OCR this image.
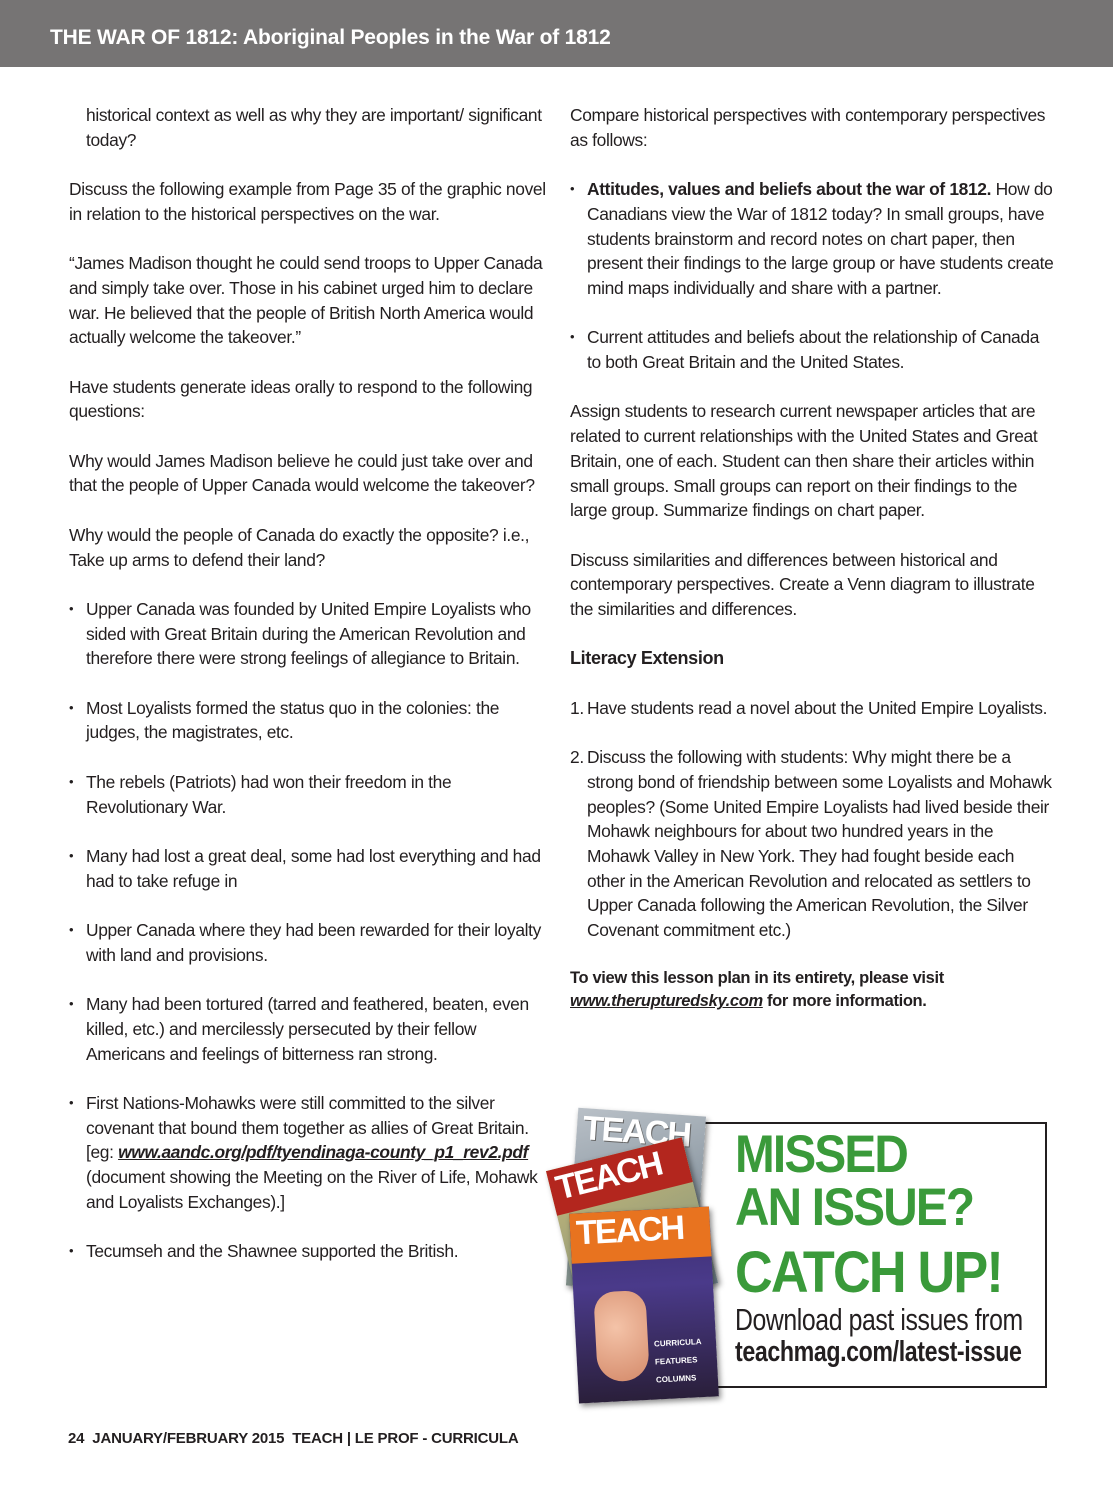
THE WAR OF 1812: Aboriginal Peoples in the War of 1812

historical context as well as why they are important/ significant today?

Discuss the following example from Page 35 of the graphic novel in relation to the historical perspectives on the war.

“James Madison thought he could send troops to Upper Canada and simply take over. Those in his cabinet urged him to declare war. He believed that the people of British North America would actually welcome the takeover.”

Have students generate ideas orally to respond to the following questions:

Why would James Madison believe he could just take over and that the people of Upper Canada would welcome the takeover?

Why would the people of Canada do exactly the opposite? i.e., Take up arms to defend their land?

• Upper Canada was founded by United Empire Loyalists who sided with Great Britain during the American Revolution and therefore there were strong feelings of allegiance to Britain.
• Most Loyalists formed the status quo in the colonies: the judges, the magistrates, etc.
• The rebels (Patriots) had won their freedom in the Revolutionary War.
• Many had lost a great deal, some had lost everything and had had to take refuge in
• Upper Canada where they had been rewarded for their loyalty with land and provisions.
• Many had been tortured (tarred and feathered, beaten, even killed, etc.) and mercilessly persecuted by their fellow Americans and feelings of bitterness ran strong.
• First Nations-Mohawks were still committed to the silver covenant that bound them together as allies of Great Britain. [eg: www.aandc.org/pdf/tyendinaga-county_p1_rev2.pdf (document showing the Meeting on the River of Life, Mohawk and Loyalists Exchanges).]
• Tecumseh and the Shawnee supported the British.

Compare historical perspectives with contemporary perspectives as follows:

• Attitudes, values and beliefs about the war of 1812. How do Canadians view the War of 1812 today? In small groups, have students brainstorm and record notes on chart paper, then present their findings to the large group or have students create mind maps individually and share with a partner.
• Current attitudes and beliefs about the relationship of Canada to both Great Britain and the United States.

Assign students to research current newspaper articles that are related to current relationships with the United States and Great Britain, one of each. Student can then share their articles within small groups. Small groups can report on their findings to the large group. Summarize findings on chart paper.

Discuss similarities and differences between historical and contemporary perspectives. Create a Venn diagram to illustrate the similarities and differences.

Literacy Extension
1. Have students read a novel about the United Empire Loyalists.
2. Discuss the following with students: Why might there be a strong bond of friendship between some Loyalists and Mohawk peoples? (Some United Empire Loyalists had lived beside their Mohawk neighbours for about two hundred years in the Mohawk Valley in New York. They had fought beside each other in the American Revolution and relocated as settlers to Upper Canada following the American Revolution, the Silver Covenant commitment etc.)
To view this lesson plan in its entirety, please visit www.therupturedsky.com for more information.
TEACH
TEACH
TEACH
CURRICULA
FEATURES
COLUMNS
MISSED
AN ISSUE?
CATCH UP!
Download past issues from
teachmag.com/latest-issue
24 JANUARY/FEBRUARY 2015  TEACH | LE PROF - CURRICULA
